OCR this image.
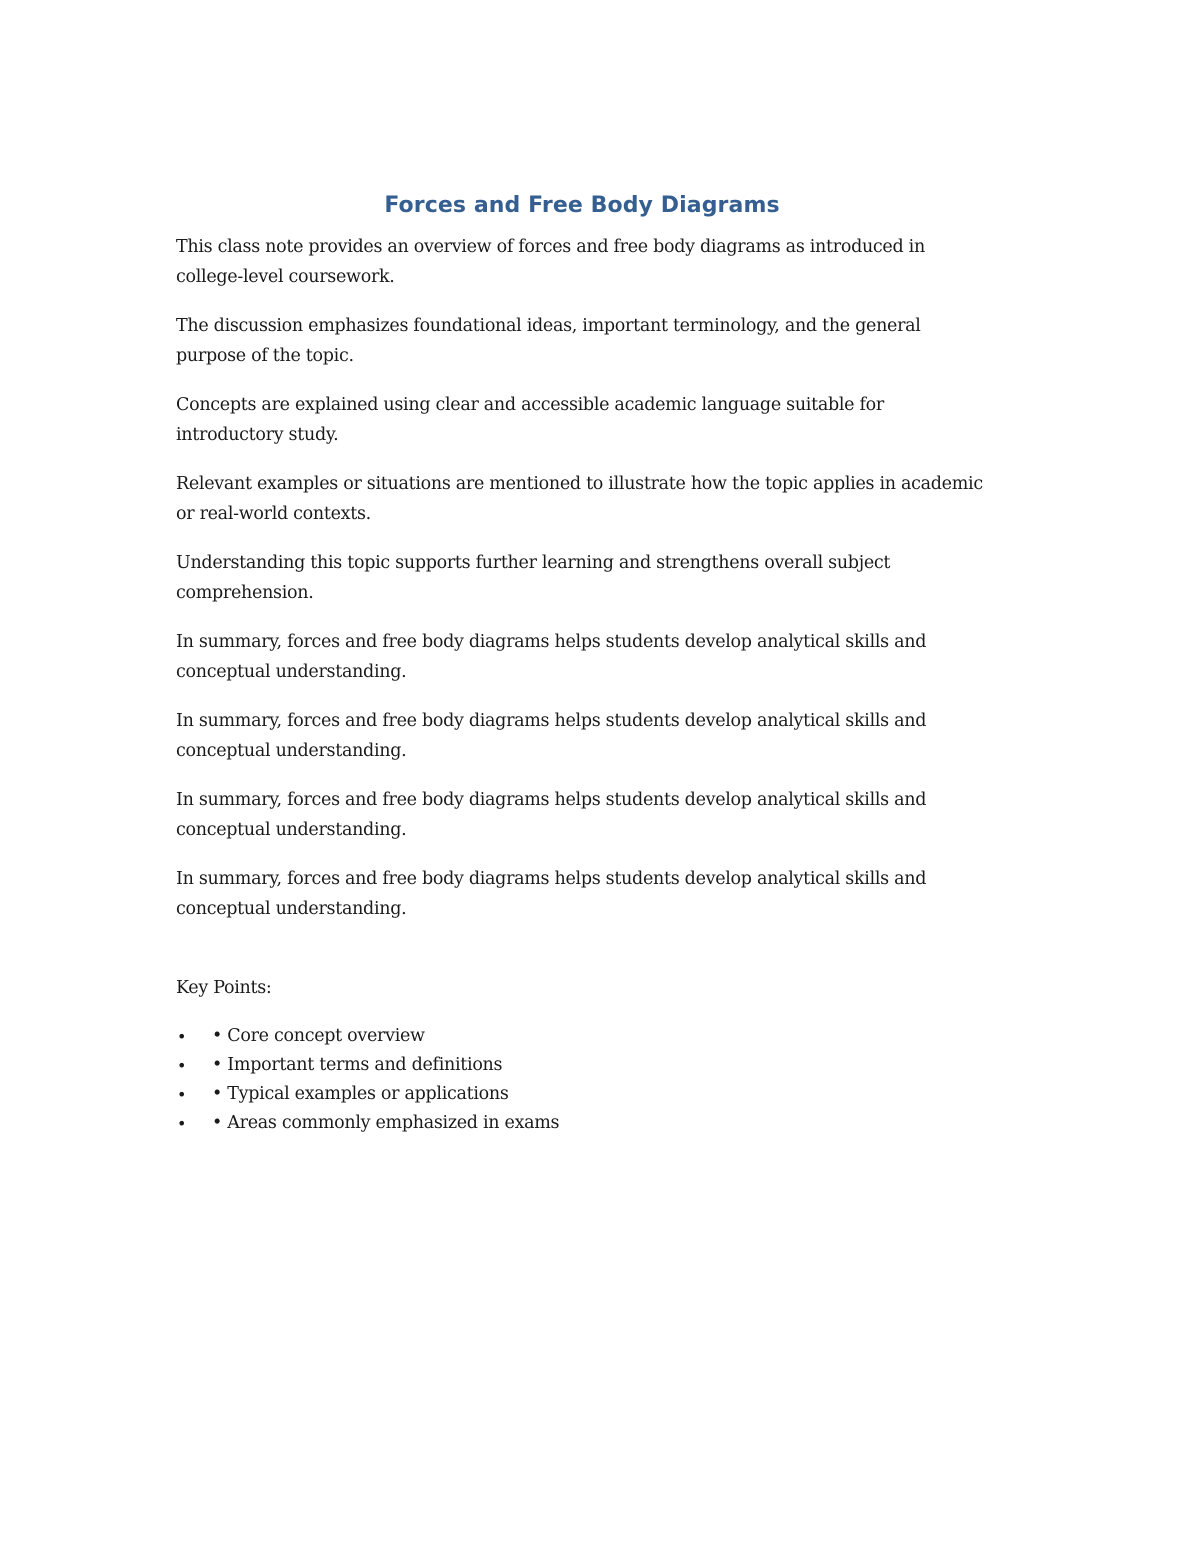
Forces and Free Body Diagrams

This class note provides an overview of forces and free body diagrams as introduced in college-level coursework.

The discussion emphasizes foundational ideas, important terminology, and the general purpose of the topic.

Concepts are explained using clear and accessible academic language suitable for introductory study.

Relevant examples or situations are mentioned to illustrate how the topic applies in academic or real-world contexts.

Understanding this topic supports further learning and strengthens overall subject comprehension.

In summary, forces and free body diagrams helps students develop analytical skills and conceptual understanding.

In summary, forces and free body diagrams helps students develop analytical skills and conceptual understanding.

In summary, forces and free body diagrams helps students develop analytical skills and conceptual understanding.

In summary, forces and free body diagrams helps students develop analytical skills and conceptual understanding.

Key Points:

• • Core concept overview
• • Important terms and definitions
• • Typical examples or applications
• • Areas commonly emphasized in exams
